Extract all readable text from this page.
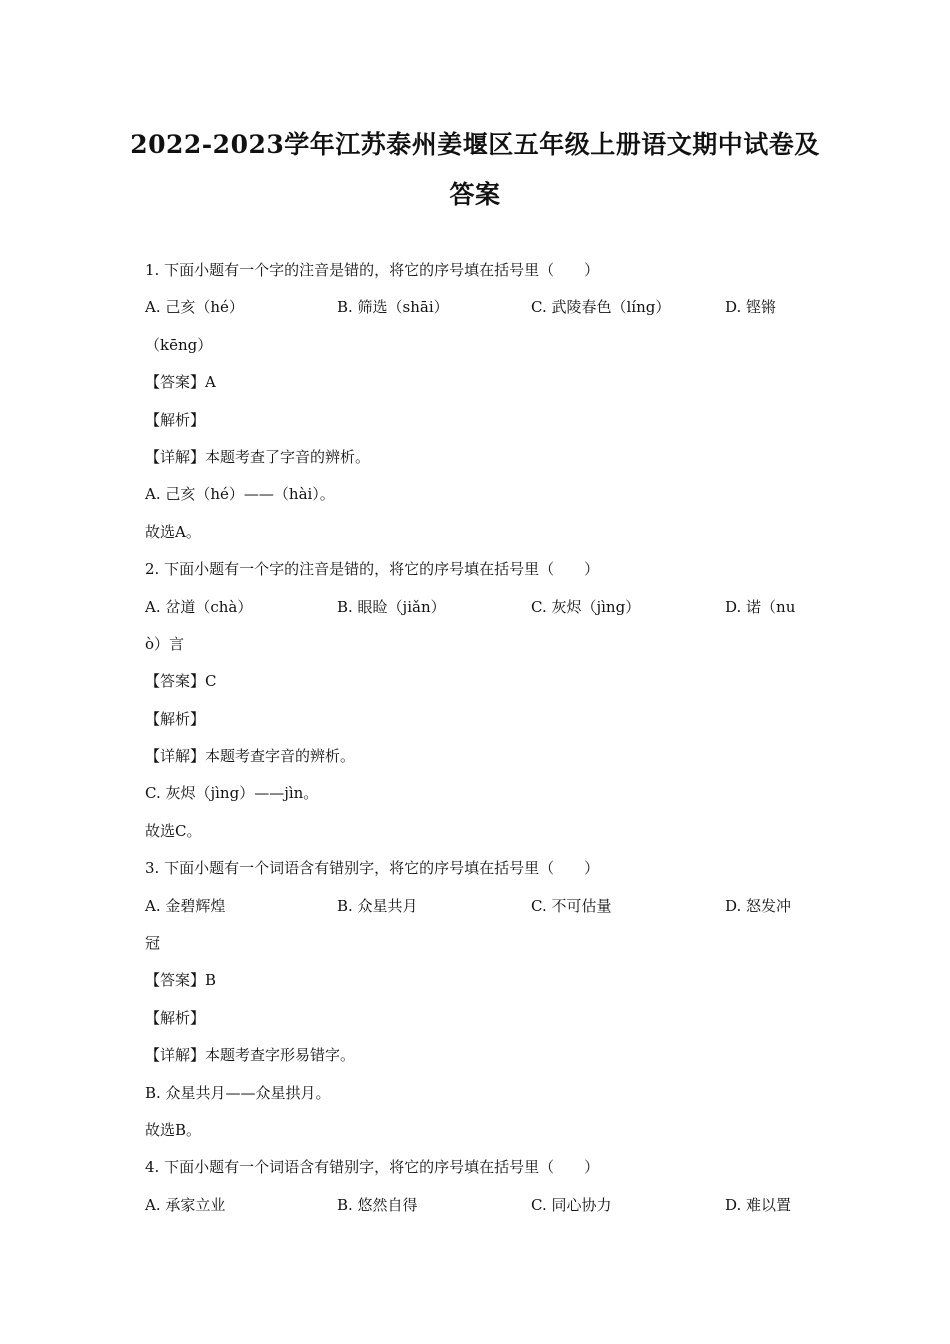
2022-2023学年江苏泰州姜堰区五年级上册语文期中试卷及
答案
1. 下面小题有一个字的注音是错的，将它的序号填在括号里（　　）
A. 己亥（hé）	B. 筛选（shāi）	C. 武陵春色（líng）	D. 铿锵
（kēng）
【答案】A
【解析】
【详解】本题考查了字音的辨析。
A. 己亥（hé）——（hài）。
故选A。
2. 下面小题有一个字的注音是错的，将它的序号填在括号里（　　）
A. 岔道（chà）	B. 眼睑（jiǎn）	C. 灰烬（jìng）	D. 诺（nu
ò）言
【答案】C
【解析】
【详解】本题考查字音的辨析。
C. 灰烬（jìng）——jìn。
故选C。
3. 下面小题有一个词语含有错别字，将它的序号填在括号里（　　）
A. 金碧辉煌	B. 众星共月	C. 不可估量	D. 怒发冲
冠
【答案】B
【解析】
【详解】本题考查字形易错字。
B. 众星共月——众星拱月。
故选B。
4. 下面小题有一个词语含有错别字，将它的序号填在括号里（　　）
A. 承家立业	B. 悠然自得	C. 同心协力	D. 难以置
